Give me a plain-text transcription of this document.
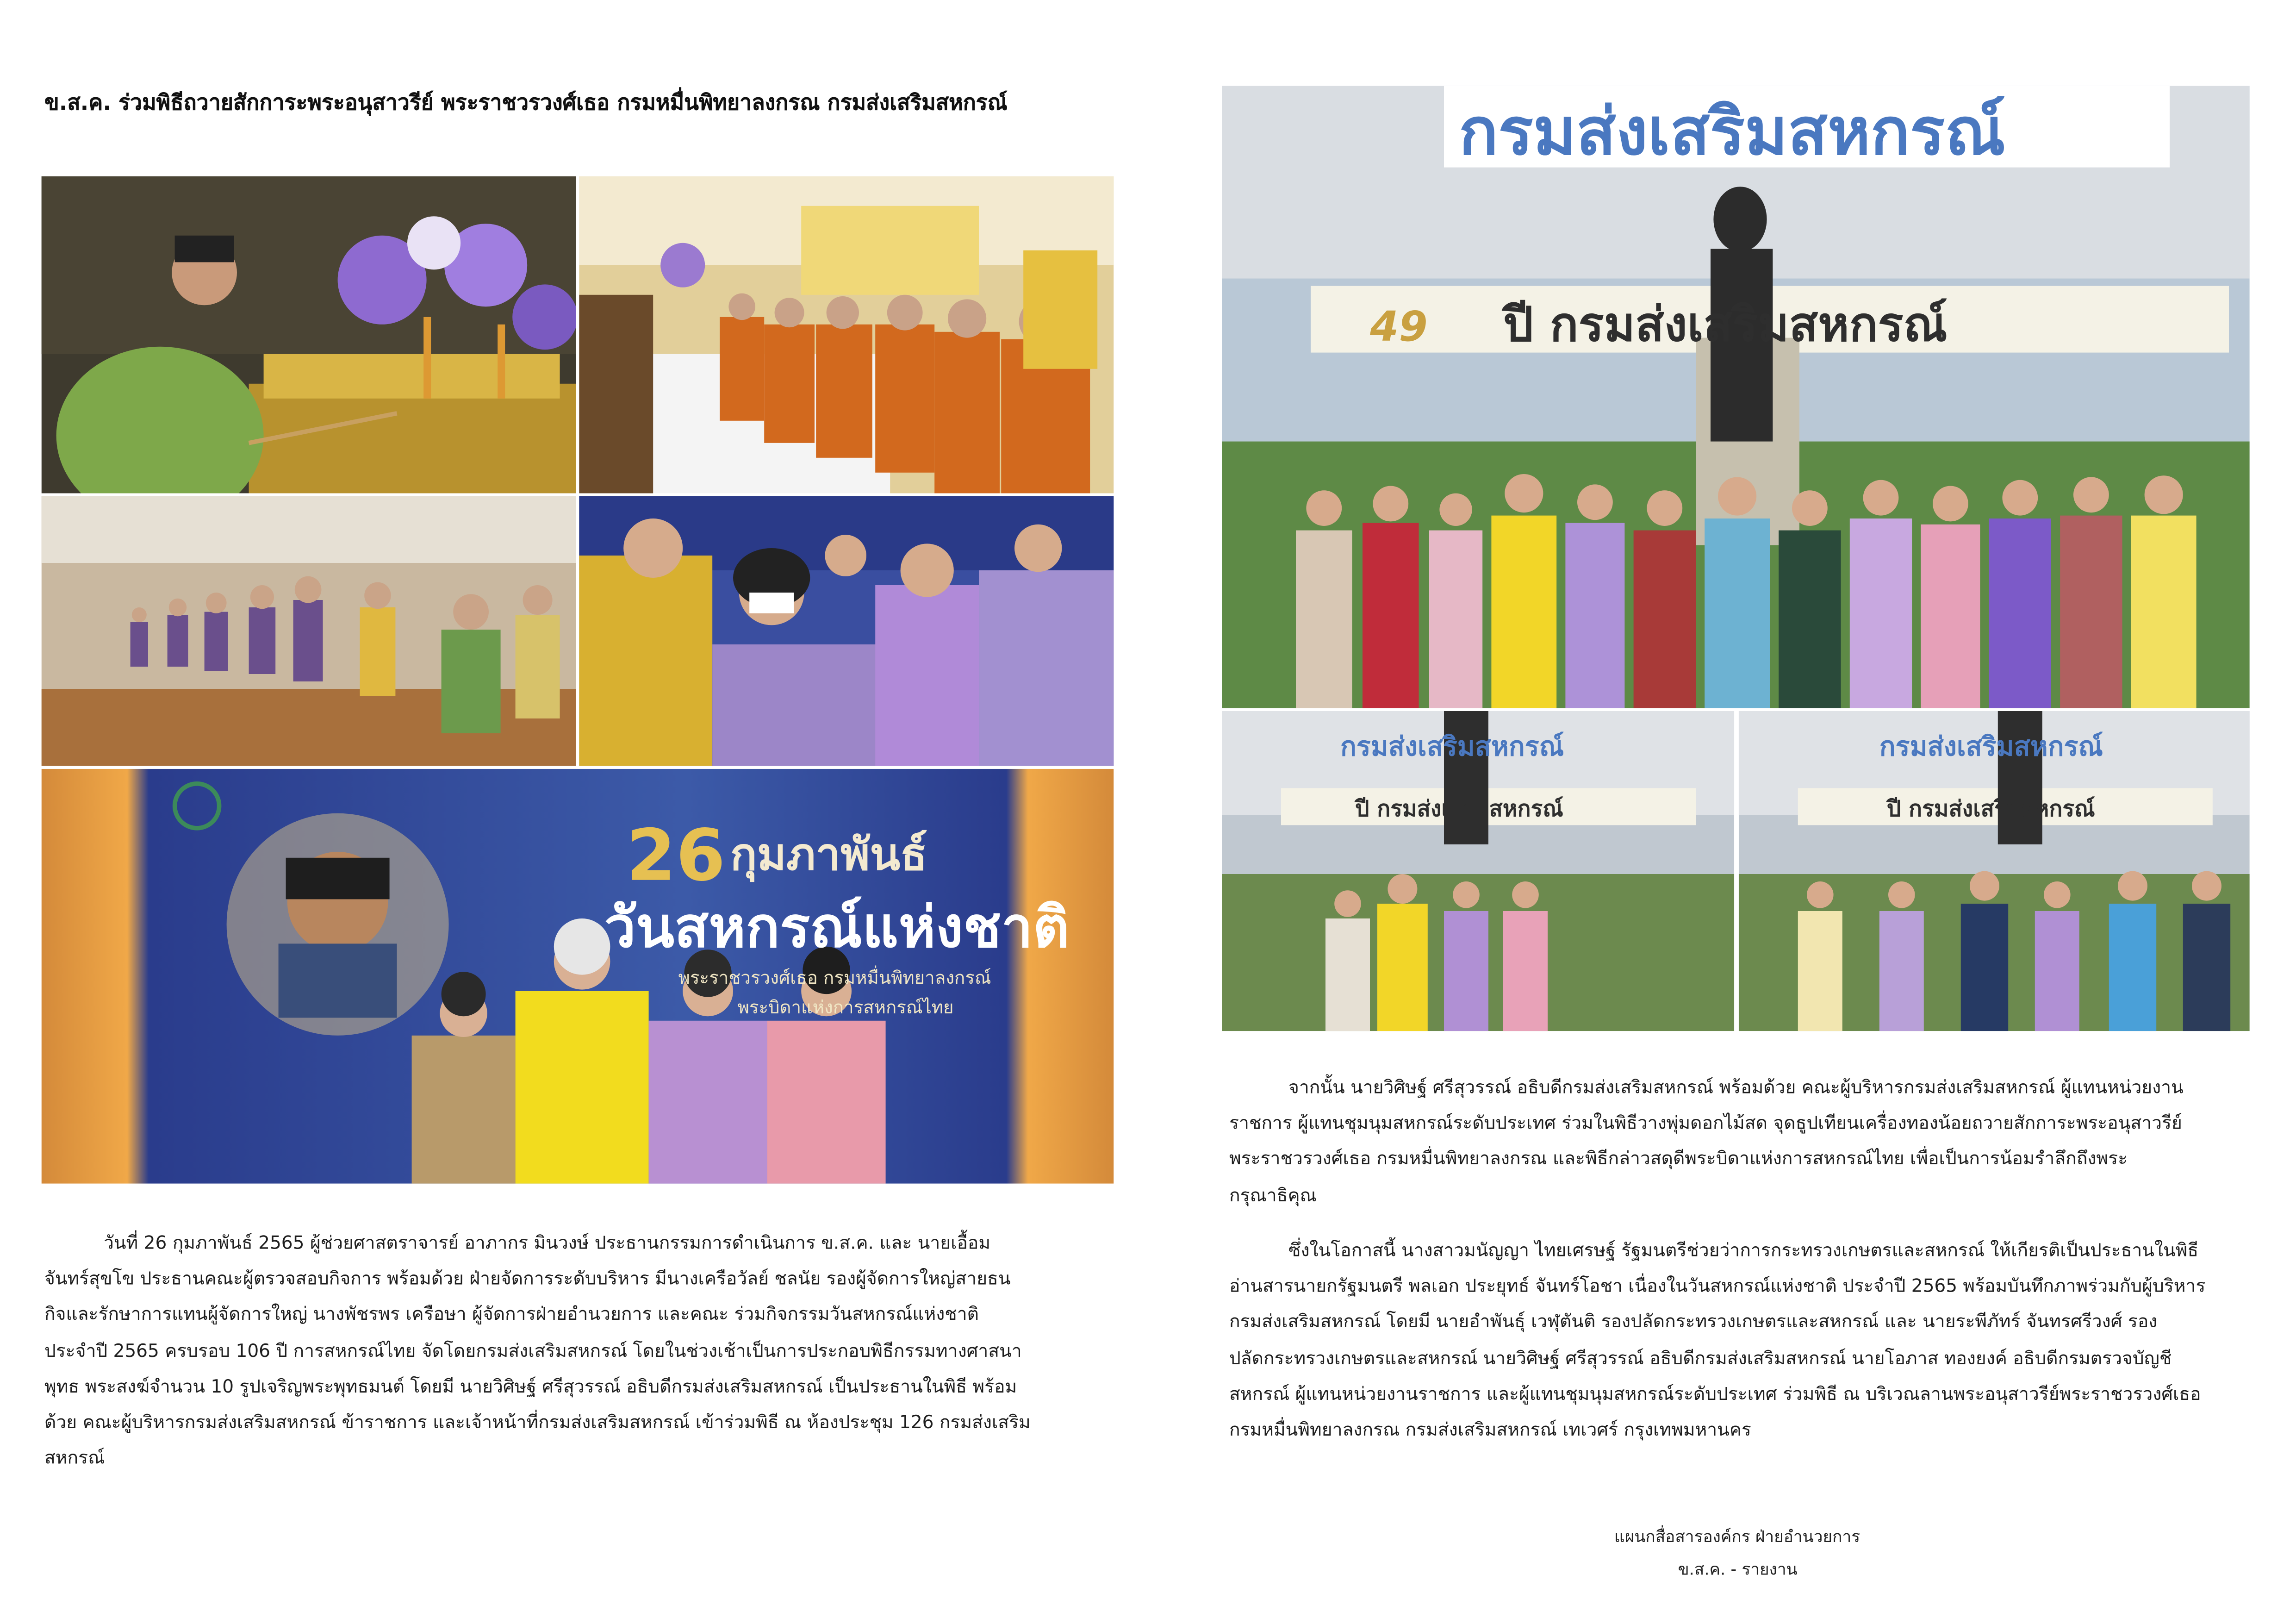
ข.ส.ค. ร่วมพิธีถวายสักการะพระอนุสาวรีย์ พระราชวรวงศ์เธอ กรมหมื่นพิทยาลงกรณ กรมส่งเสริมสหกรณ์
26 กุมภาพันธ์
วันสหกรณ์แห่งชาติ
พระราชวรวงศ์เธอ กรมหมื่นพิทยาลงกรณ์
พระบิดาแห่งการสหกรณ์ไทย
กรมส่งเสริมสหกรณ์
49	ปี กรมส่งเสริมสหกรณ์
กรมส่งเสริมสหกรณ์
ปี กรมส่งเสริมสหกรณ์
กรมส่งเสริมสหกรณ์
ปี กรมส่งเสริมสหกรณ์
วันที่ 26 กุมภาพันธ์ 2565 ผู้ช่วยศาสตราจารย์ อาภากร มินวงษ์ ประธานกรรมการดำเนินการ ข.ส.ค. และ นายเอื้อม
จันทร์สุขโข ประธานคณะผู้ตรวจสอบกิจการ พร้อมด้วย ฝ่ายจัดการระดับบริหาร มีนางเครือวัลย์ ชลนัย รองผู้จัดการใหญ่สายธน
กิจและรักษาการแทนผู้จัดการใหญ่ นางพัชรพร เครือษา ผู้จัดการฝ่ายอำนวยการ และคณะ ร่วมกิจกรรมวันสหกรณ์แห่งชาติ
ประจำปี 2565 ครบรอบ 106 ปี การสหกรณ์ไทย จัดโดยกรมส่งเสริมสหกรณ์ โดยในช่วงเช้าเป็นการประกอบพิธีกรรมทางศาสนา
พุทธ พระสงฆ์จำนวน 10 รูปเจริญพระพุทธมนต์ โดยมี นายวิศิษฐ์ ศรีสุวรรณ์ อธิบดีกรมส่งเสริมสหกรณ์ เป็นประธานในพิธี พร้อม
ด้วย คณะผู้บริหารกรมส่งเสริมสหกรณ์ ข้าราชการ และเจ้าหน้าที่กรมส่งเสริมสหกรณ์ เข้าร่วมพิธี ณ ห้องประชุม 126 กรมส่งเสริม
สหกรณ์
จากนั้น นายวิศิษฐ์ ศรีสุวรรณ์ อธิบดีกรมส่งเสริมสหกรณ์ พร้อมด้วย คณะผู้บริหารกรมส่งเสริมสหกรณ์ ผู้แทนหน่วยงาน
ราชการ ผู้แทนชุมนุมสหกรณ์ระดับประเทศ ร่วมในพิธีวางพุ่มดอกไม้สด จุดธูปเทียนเครื่องทองน้อยถวายสักการะพระอนุสาวรีย์
พระราชวรวงศ์เธอ กรมหมื่นพิทยาลงกรณ และพิธีกล่าวสดุดีพระบิดาแห่งการสหกรณ์ไทย เพื่อเป็นการน้อมรำลึกถึงพระ
กรุณาธิคุณ
ซึ่งในโอกาสนี้ นางสาวมนัญญา ไทยเศรษฐ์ รัฐมนตรีช่วยว่าการกระทรวงเกษตรและสหกรณ์ ให้เกียรติเป็นประธานในพิธี
อ่านสารนายกรัฐมนตรี พลเอก ประยุทธ์ จันทร์โอชา เนื่องในวันสหกรณ์แห่งชาติ ประจำปี 2565 พร้อมบันทึกภาพร่วมกับผู้บริหาร
กรมส่งเสริมสหกรณ์ โดยมี นายอำพันธุ์ เวฬุตันติ รองปลัดกระทรวงเกษตรและสหกรณ์ และ นายระพีภัทร์ จันทรศรีวงศ์ รอง
ปลัดกระทรวงเกษตรและสหกรณ์ นายวิศิษฐ์ ศรีสุวรรณ์ อธิบดีกรมส่งเสริมสหกรณ์ นายโอภาส ทองยงค์ อธิบดีกรมตรวจบัญชี
สหกรณ์ ผู้แทนหน่วยงานราชการ และผู้แทนชุมนุมสหกรณ์ระดับประเทศ ร่วมพิธี ณ บริเวณลานพระอนุสาวรีย์พระราชวรวงศ์เธอ
กรมหมื่นพิทยาลงกรณ กรมส่งเสริมสหกรณ์ เทเวศร์ กรุงเทพมหานคร
แผนกสื่อสารองค์กร ฝ่ายอำนวยการ
ข.ส.ค. - รายงาน
